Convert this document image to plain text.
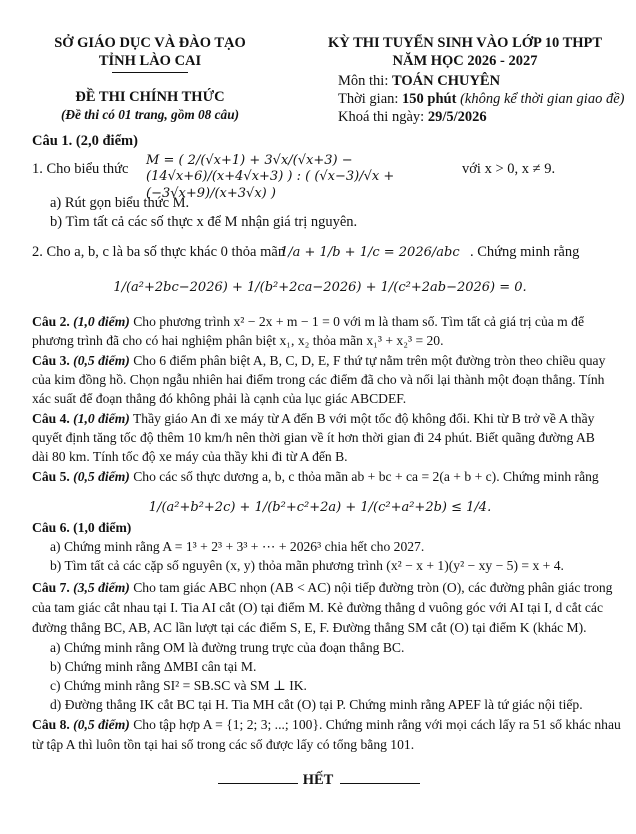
SỞ GIÁO DỤC VÀ ĐÀO TẠO
TỈNH LÀO CAI
KỲ THI TUYỂN SINH VÀO LỚP 10 THPT
NĂM HỌC 2026 - 2027
ĐỀ THI CHÍNH THỨC
(Đề thi có 01 trang, gồm 08 câu)
Môn thi: TOÁN CHUYÊN
Thời gian: 150 phút (không kể thời gian giao đề)
Khoá thi ngày: 29/5/2026
Câu 1. (2,0 điểm)
1. Cho biểu thức
M = ( 2/(√x+1) + 3√x/(√x+3) − (14√x+6)/(x+4√x+3) ) : ( (√x−3)/√x + (−3√x+9)/(x+3√x) )
với x > 0, x ≠ 9.
a) Rút gọn biểu thức M.
b) Tìm tất cả các số thực x để M nhận giá trị nguyên.
2. Cho a, b, c là ba số thực khác 0 thỏa mãn
1/a + 1/b + 1/c = 2026/abc . Chứng minh rằng
1/(a²+2bc−2026) + 1/(b²+2ca−2026) + 1/(c²+2ab−2026) = 0.
Câu 2. (1,0 điểm) Cho phương trình x² − 2x + m − 1 = 0 với m là tham số. Tìm tất cả giá trị của m để
phương trình đã cho có hai nghiệm phân biệt x₁, x₂ thỏa mãn x₁³ + x₂³ = 20.
Câu 3. (0,5 điểm) Cho 6 điểm phân biệt A, B, C, D, E, F thứ tự nằm trên một đường tròn theo chiều quay
của kim đồng hồ. Chọn ngẫu nhiên hai điểm trong các điểm đã cho và nối lại thành một đoạn thẳng. Tính
xác suất để đoạn thẳng đó không phải là cạnh của lục giác ABCDEF.
Câu 4. (1,0 điểm) Thầy giáo An đi xe máy từ A đến B với một tốc độ không đổi. Khi từ B trở về A thầy
quyết định tăng tốc độ thêm 10 km/h nên thời gian về ít hơn thời gian đi 24 phút. Biết quãng đường AB
dài 80 km. Tính tốc độ xe máy của thầy khi đi từ A đến B.
Câu 5. (0,5 điểm) Cho các số thực dương a, b, c thỏa mãn ab + bc + ca = 2(a + b + c). Chứng minh rằng
1/(a²+b²+2c) + 1/(b²+c²+2a) + 1/(c²+a²+2b) ≤ 1/4.
Câu 6. (1,0 điểm)
a) Chứng minh rằng A = 1³ + 2³ + 3³ + ⋯ + 2026³ chia hết cho 2027.
b) Tìm tất cả các cặp số nguyên (x, y) thỏa mãn phương trình (x² − x + 1)(y² − xy − 5) = x + 4.
Câu 7. (3,5 điểm) Cho tam giác ABC nhọn (AB < AC) nội tiếp đường tròn (O), các đường phân giác trong
của tam giác cắt nhau tại I. Tia AI cắt (O) tại điểm M. Kẻ đường thẳng d vuông góc với AI tại I, d cắt các
đường thẳng BC, AB, AC lần lượt tại các điểm S, E, F. Đường thẳng SM cắt (O) tại điểm K (khác M).
a) Chứng minh rằng OM là đường trung trực của đoạn thẳng BC.
b) Chứng minh rằng ΔMBI cân tại M.
c) Chứng minh rằng SI² = SB.SC và SM ⊥ IK.
d) Đường thẳng IK cắt BC tại H. Tia MH cắt (O) tại P. Chứng minh rằng APEF là tứ giác nội tiếp.
Câu 8. (0,5 điểm) Cho tập hợp A = {1; 2; 3; ...; 100}. Chứng minh rằng với mọi cách lấy ra 51 số khác nhau
từ tập A thì luôn tồn tại hai số trong các số được lấy có tổng bằng 101.
HẾT
